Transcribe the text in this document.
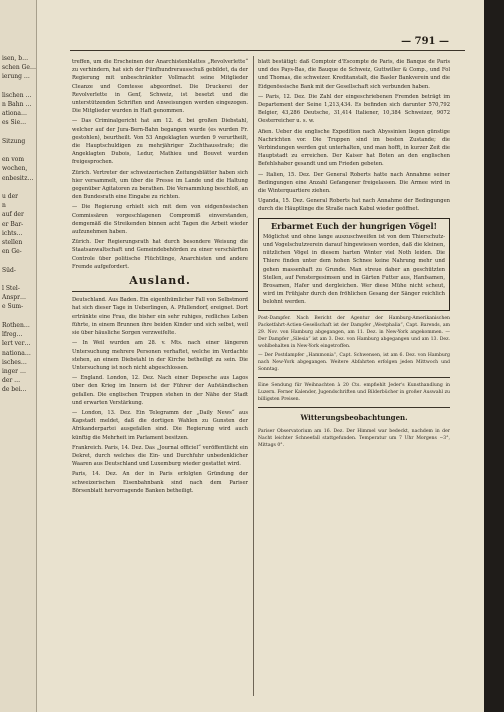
isen, b…
schen Ge…
ierung …

lischen …
n Bahn …
ationa…
es Sie…

Sitzung

en vom
wochen,
enbesitz…

u der
n
auf der
er Bar-
ichts…
stellen
en Ge-

Süd-

l Stel-
Anspr…
e Sum-

Rothen…
lfreg…
lert ver…
nationa…
isches…
inger …
der …
de bei…

— 791 —

treffen, um die Erscheinen der Anarchistenblattes „Revolverlette“ zu verhindern, hat sich der Fünfhundrerausschuß gebildet, da der Regierung mit unbeschränkter Vollmacht seine Mitglieder Cleanze und Comtesse abgeordnet. Die Druckerei der Revolverlette in Genf, Schweiz, ist besetzt und die unterstützenden Schriften und Anweisungen werden eingezogen. Die Mitglieder wurden in Haft genommen.

— Das Criminalgericht hat am 12. d. bei großen Diebstahl, welcher auf der Jura-Bern-Bahn begangen wurde (es wurden Fr. gestohlen), beurtheilt. Von 53 Angeklagten wurden 9 verurtheilt, die Hauptschuldigen zu mehrjähriger Zuchthausstrafe; die Angeklagten Dubois, Ledur, Mathieu und Bouvet wurden freigesprochen.

Zürich. Vertreter der schweizerischen Zeitungsblätter haben sich hier versammelt, um über die Presse im Lande und die Haltung gegenüber Agitatoren zu berathen. Die Versammlung beschloß, an den Bundesrath eine Eingabe zu richten.

— Die Regierung erhielt sich mit dem von eidgenössischen Commissären vorgeschlagenen Compromiß einverstanden, demgemäß die Streikenden binnen acht Tagen die Arbeit wieder aufzunehmen haben.

Zürich. Der Regierungsrath hat durch besondere Weisung die Staatsanwaltschaft und Gemeindebehörden zu einer verschärften Controle über politische Flüchtlinge, Anarchisten und andere Fremde aufgefordert.

Ausland.

Deutschland. Aus Baden. Ein eigenthümlicher Fall von Selbstmord hat sich dieser Tage in Ueberlingen, A. Pfullendorf, ereignet. Dort ertränkte eine Frau, die bisher ein sehr ruhiges, redliches Leben führte, in einem Brunnen ihre beiden Kinder und sich selbst, weil sie über häusliche Sorgen verzweifelte.

— In Weil wurden am 28. v. Mts. nach einer längeren Untersuchung mehrere Personen verhaftet, welche im Verdachte stehen, an einem Diebstahl in der Kirche betheiligt zu sein. Die Untersuchung ist noch nicht abgeschlossen.

— England. London, 12. Dez. Nach einer Depesche aus Lagos über den Krieg im Innern ist der Führer der Aufständischen gefallen. Die englischen Truppen stehen in der Nähe der Stadt und erwarten Verstärkung.

— London, 13. Dez. Ein Telegramm der „Daily News“ aus Kapstadt meldet, daß die dortigen Wahlen zu Gunsten der Afrikanderpartei ausgefallen sind. Die Regierung wird auch künftig die Mehrheit im Parlament besitzen.

Frankreich. Paris, 14. Dez. Das „Journal officiel“ veröffentlicht ein Dekret, durch welches die Ein- und Durchfuhr unbedenklicher Waaren aus Deutschland und Luxemburg wieder gestattet wird.

Paris, 14. Dez. An der in Paris erfolgten Gründung der schweizerischen Eisenbahnbank sind nach dem Pariser Börsenblatt hervorragende Banken betheiligt.

blatt bestätigt: daß Comptoir d'Escompte de Paris, die Banque de Paris und des Pays-Bas, die Bauque de Schweiz, Guttwiller & Comp., und Fol und Thomas, die schweizer. Kreditanstalt, die Basler Bankverein und die Eidgenössische Bank mit der Gesellschaft sich verbunden haben.

— Paris, 12. Dez. Die Zahl der eingeschriebenen Fremden beträgt im Departement der Seine 1,213,434. Es befinden sich darunter 570,792 Belgier, 43,286 Deutsche, 31,414 Italiener, 10,384 Schweizer, 9072 Oesterreicher u. s. w.

Afien. Ueber die englische Expedition nach Abyssinien liegen günstige Nachrichten vor. Die Truppen sind im besten Zustande; die Verbindungen werden gut unterhalten, und man hofft, in kurzer Zeit die Hauptstadt zu erreichen. Der Kaiser hat Boten an den englischen Befehlshaber gesandt und um Frieden gebeten.

— Italien, 15. Dez. Der General Roberts hatte nach Annahme seiner Bedingungen eine Anzahl Gefangener freigelassen. Die Armee wird in die Winterquartiere ziehen.

Uganda, 15. Dez. General Roberts hat nach Annahme der Bedingungen durch die Häuptlinge die Straße nach Kabul wieder geöffnet.

Erbarmet Euch der hungrigen Vögel!

Möglichst und ohne lange auszuschweifen ist von dem Thierschutz- und Vogelschutzverein darauf hingewiesen worden, daß die kleinen, nützlichen Vögel in diesem harten Winter viel Noth leiden. Die Thiere finden unter dem hohen Schnee keine Nahrung mehr und gehen massenhaft zu Grunde. Man streue daher an geschützten Stellen, auf Fenstergesimsen und in Gärten Futter aus, Hanfsamen, Brosamen, Hafer und dergleichen. Wer diese Mühe nicht scheut, wird im Frühjahr durch den fröhlichen Gesang der Sänger reichlich belohnt werden.

Post-Dampfer. Nach Bericht der Agentur der Hamburg-Amerikanischen Packetfahrt-Actien-Gesellschaft ist der Dampfer „Westphalia“, Capt. Barends, am 29. Nov. von Hamburg abgegangen, am 11. Dez. in New-York angekommen. — Der Dampfer „Silesia“ ist am 3. Dez. von Hamburg abgegangen und am 13. Dez. wohlbehalten in New-York eingetroffen.

— Der Postdampfer „Hammonia“, Capt. Schwensen, ist am 6. Dez. von Hamburg nach New-York abgegangen. Weitere Abfahrten erfolgen jeden Mittwoch und Sonntag.

Eine Sendung für Weihnachten à 20 Cts. empfiehlt Jeder's Kunsthandlung in Luzern. Ferner Kalender, Jugendschriften und Bilderbücher in großer Auswahl zu billigsten Preisen.

Witterungsbeobachtungen.

Pariser Observatorium am 16. Dez. Der Himmel war bedeckt, nachdem in der Nacht leichter Schneefall stattgefunden. Temperatur um 7 Uhr Morgens −3°, Mittags 0°.
